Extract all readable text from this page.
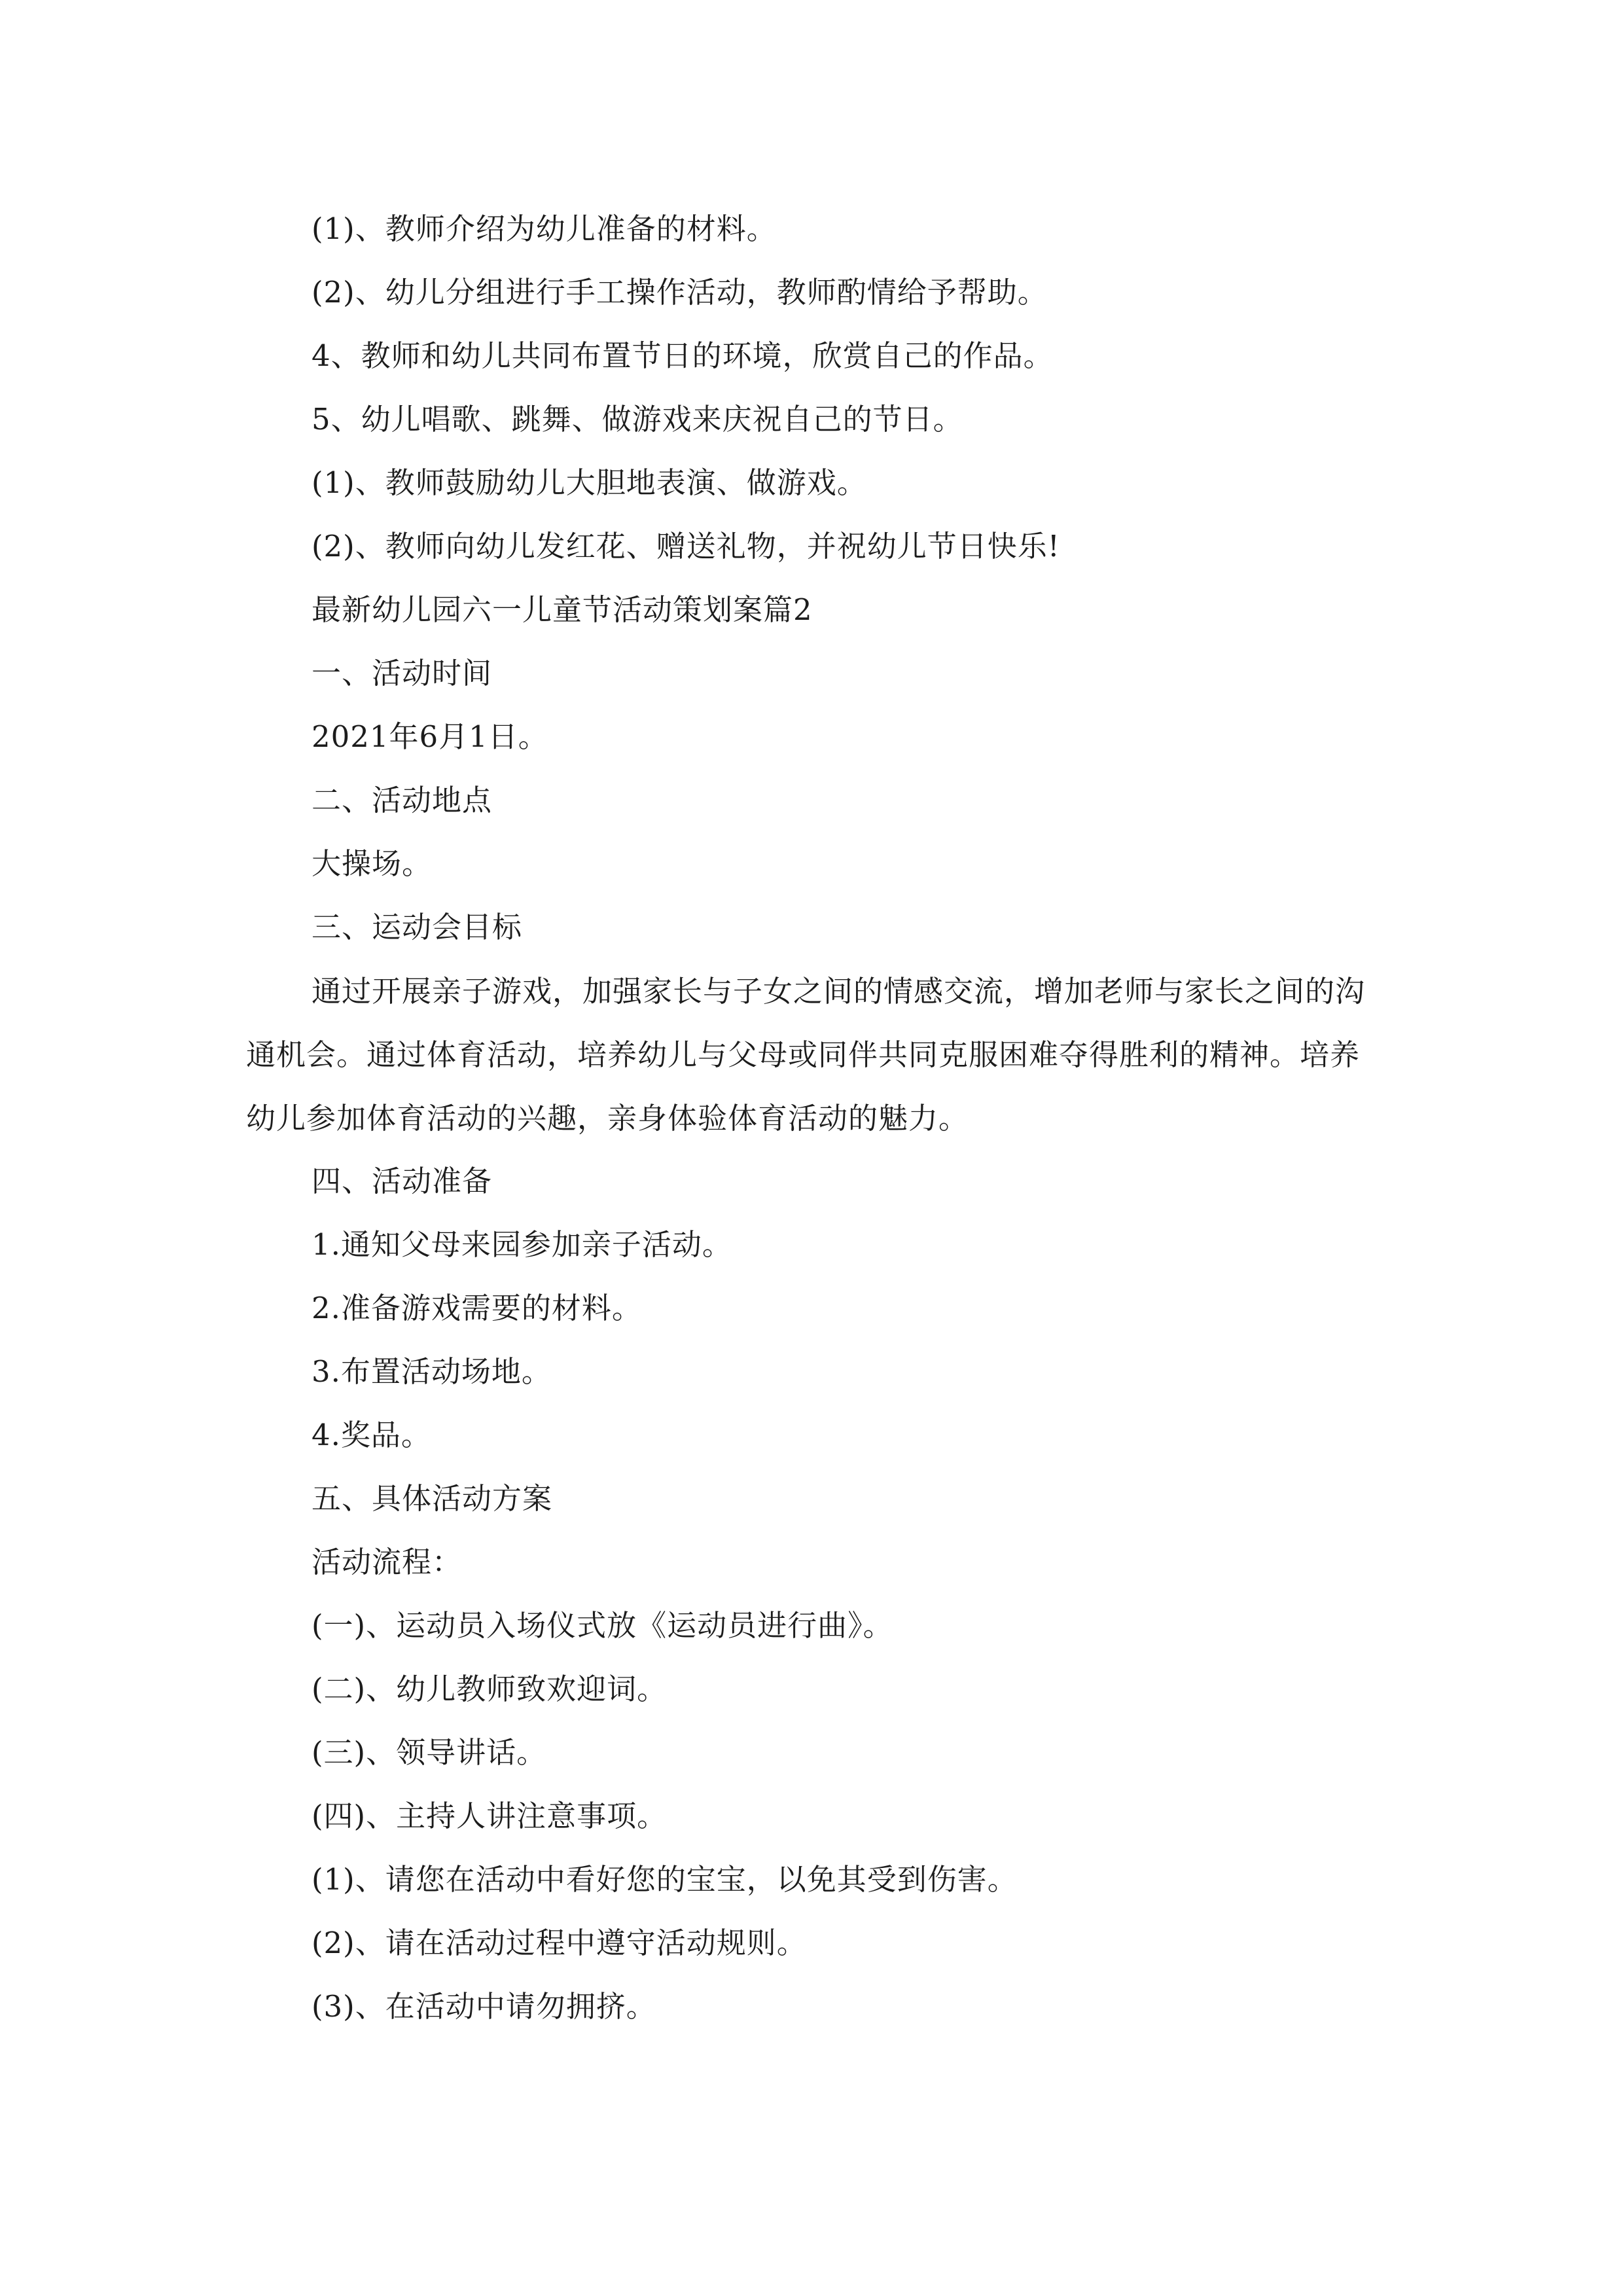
(1)、教师介绍为幼儿准备的材料。
(2)、幼儿分组进行手工操作活动，教师酌情给予帮助。
4、教师和幼儿共同布置节日的环境，欣赏自己的作品。
5、幼儿唱歌、跳舞、做游戏来庆祝自己的节日。
(1)、教师鼓励幼儿大胆地表演、做游戏。
(2)、教师向幼儿发红花、赠送礼物，并祝幼儿节日快乐!
最新幼儿园六一儿童节活动策划案篇2
一、活动时间
2021年6月1日。
二、活动地点
大操场。
三、运动会目标

通过开展亲子游戏，加强家长与子女之间的情感交流，增加老师与家长之间的沟通机会。通过体育活动，培养幼儿与父母或同伴共同克服困难夺得胜利的精神。培养幼儿参加体育活动的兴趣，亲身体验体育活动的魅力。

四、活动准备
1.通知父母来园参加亲子活动。
2.准备游戏需要的材料。
3.布置活动场地。
4.奖品。
五、具体活动方案
活动流程：
(一)、运动员入场仪式放《运动员进行曲》。
(二)、幼儿教师致欢迎词。
(三)、领导讲话。
(四)、主持人讲注意事项。
(1)、请您在活动中看好您的宝宝，以免其受到伤害。
(2)、请在活动过程中遵守活动规则。
(3)、在活动中请勿拥挤。
